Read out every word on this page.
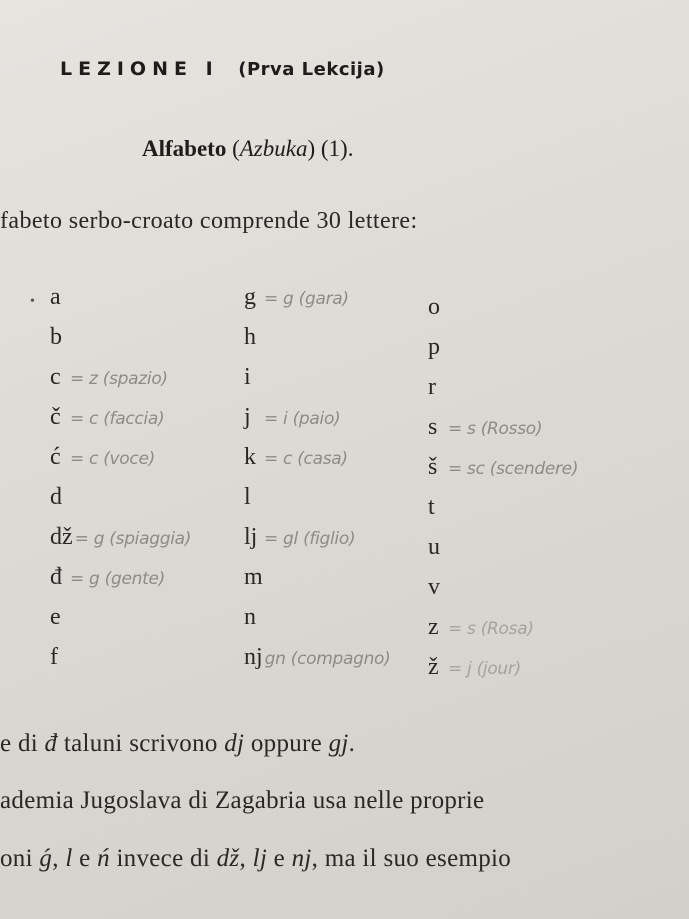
LEZIONE I (Prva Lekcija)
Alfabeto (Azbuka) (1).
fabeto serbo-croato comprende 30 lettere:
• a
b
c = z (spazio)
č = c (faccia)
ć = c (voce)
d
dž = g (spiaggia)
đ = g (gente)
e
f
g = g (gara)
h
i
j = i (paio)
k = c (casa)
l
lj = gl (figlio)
m
n
nj gn (compagno)
o
p
r
s = s (Rosso)
š = sc (scendere)
t
u
v
z = s (Rosa)
ž = j (jour)
e di đ taluni scrivono dj oppure gj.
ademia Jugoslava di Zagabria usa nelle proprie
oni ǵ, l e ń invece di dž, lj e nj, ma il suo esempio
